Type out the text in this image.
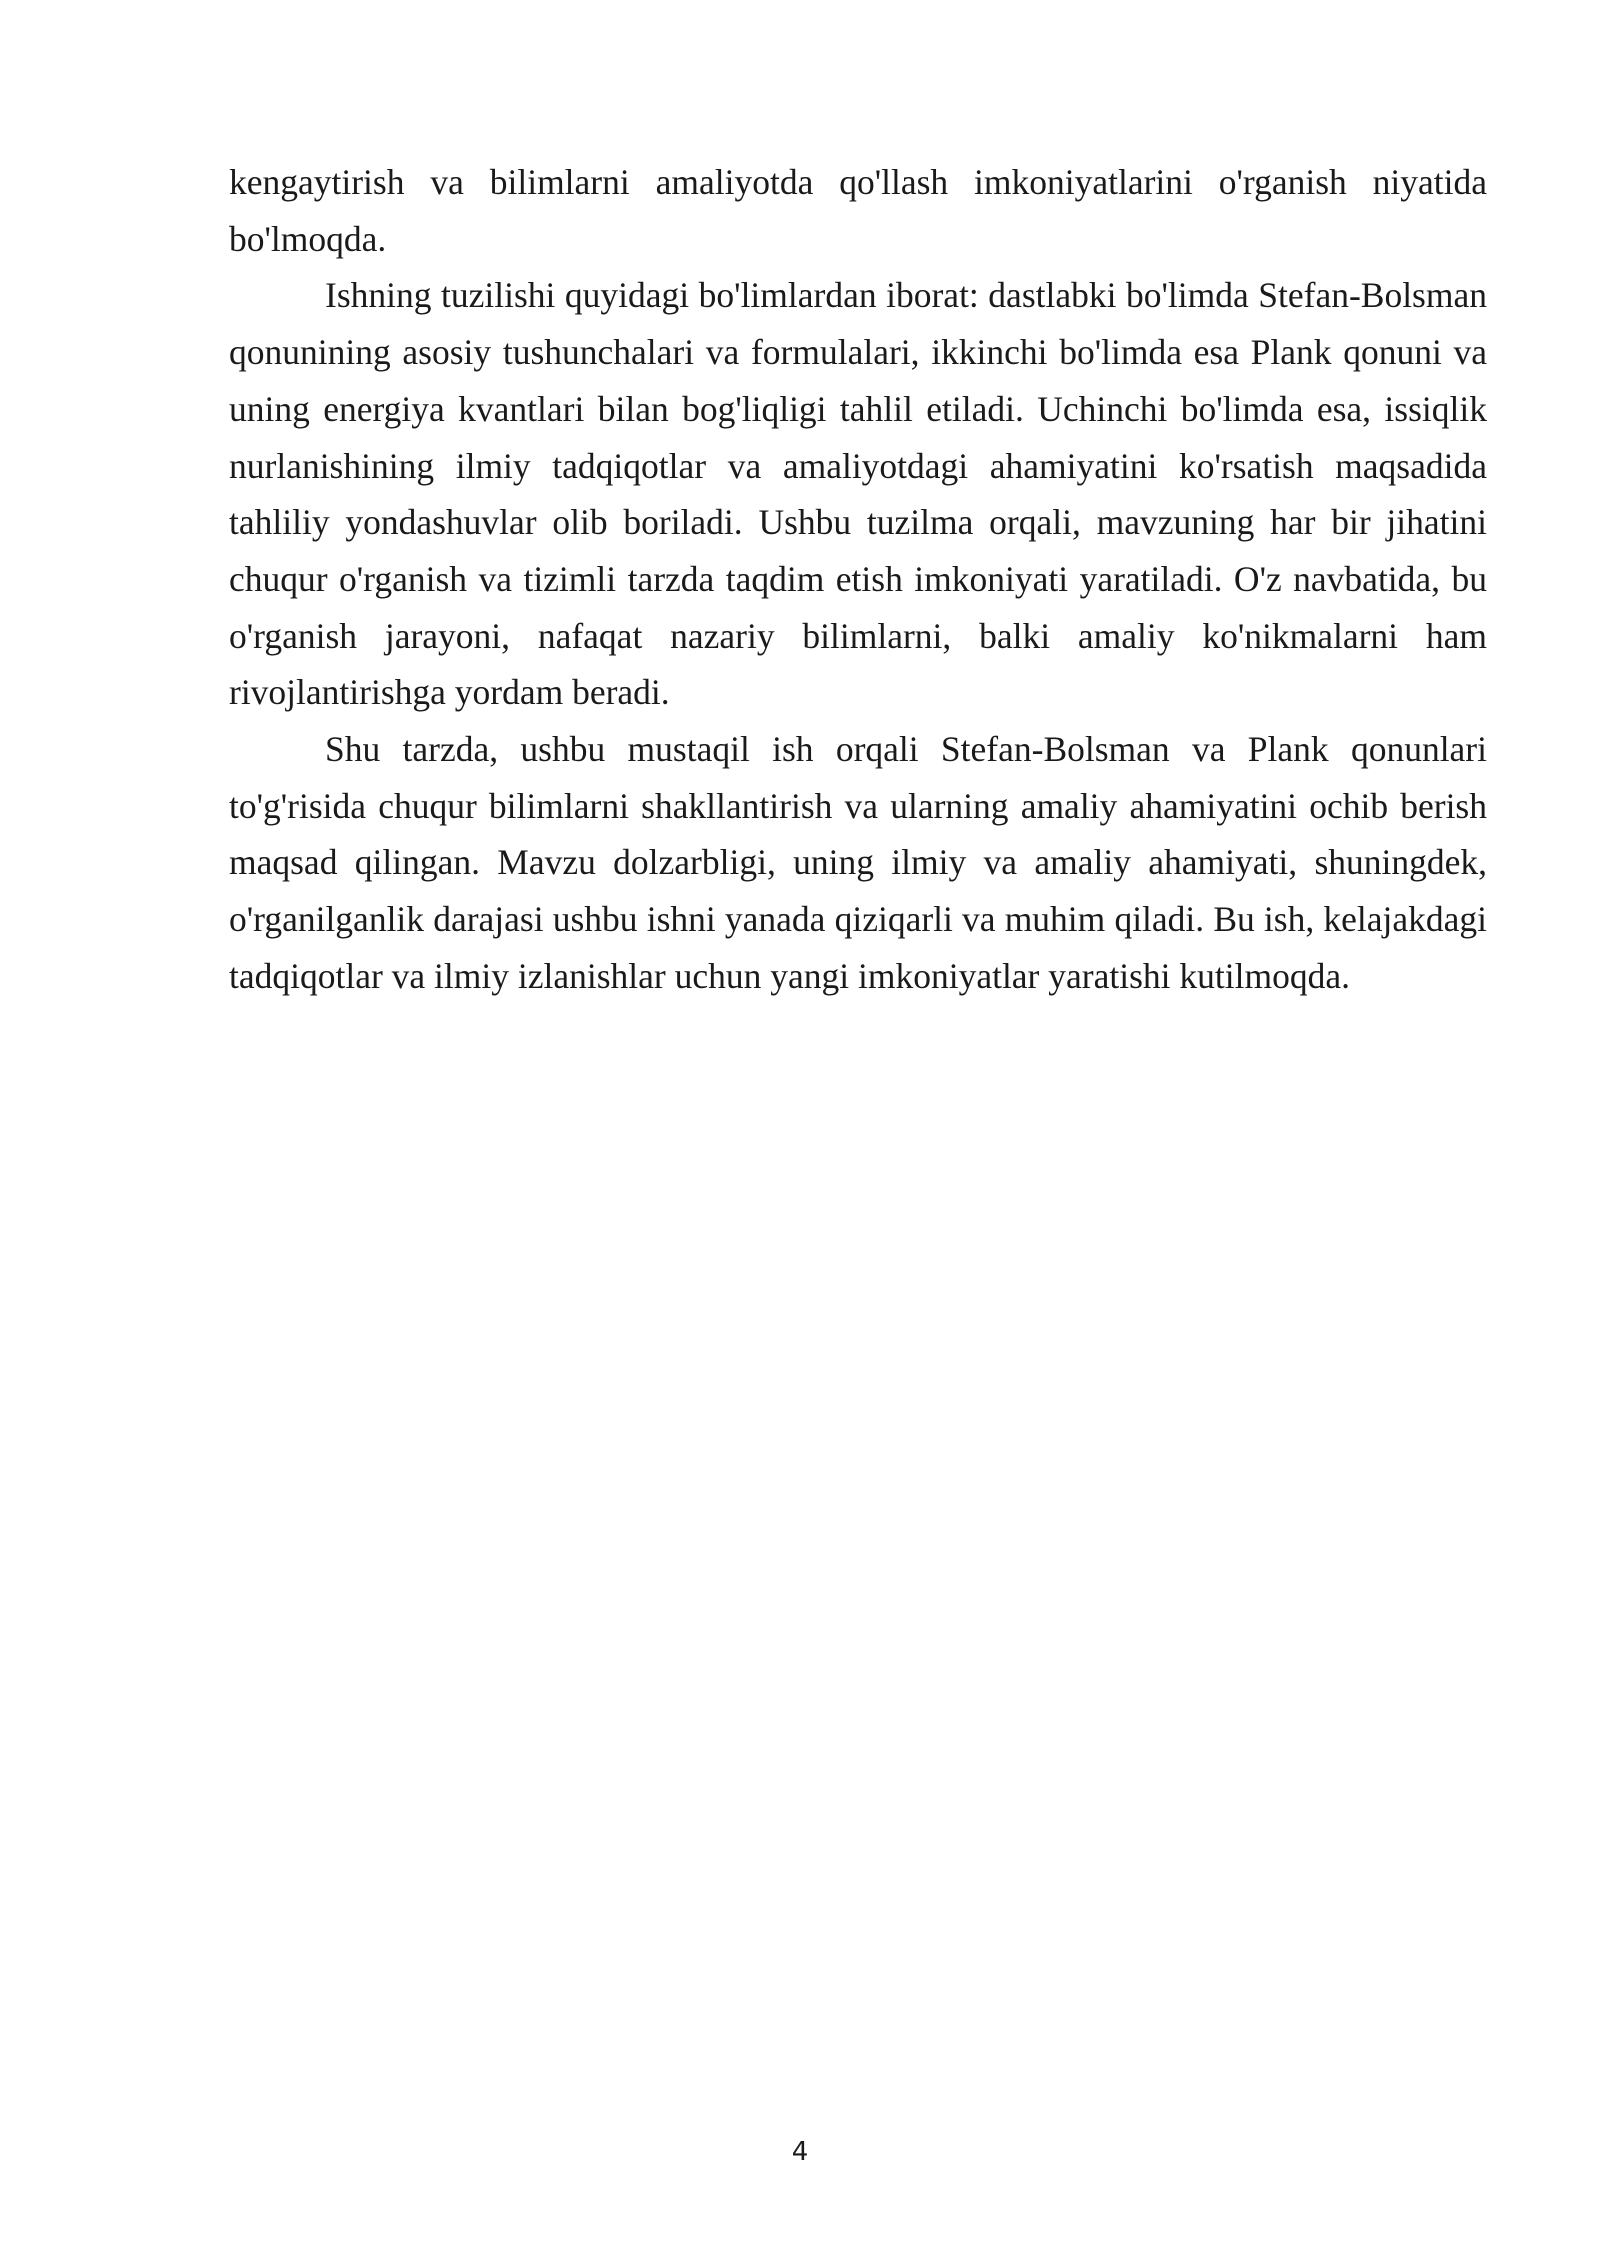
kengaytirish va bilimlarni amaliyotda qo'llash imkoniyatlarini o'rganish niyatida bo'lmoqda.

Ishning tuzilishi quyidagi bo'limlardan iborat: dastlabki bo'limda Stefan-Bolsman qonunining asosiy tushunchalari va formulalari, ikkinchi bo'limda esa Plank qonuni va uning energiya kvantlari bilan bog'liqligi tahlil etiladi. Uchinchi bo'limda esa, issiqlik nurlanishining ilmiy tadqiqotlar va amaliyotdagi ahamiyatini ko'rsatish maqsadida tahliliy yondashuvlar olib boriladi. Ushbu tuzilma orqali, mavzuning har bir jihatini chuqur o'rganish va tizimli tarzda taqdim etish imkoniyati yaratiladi. O'z navbatida, bu o'rganish jarayoni, nafaqat nazariy bilimlarni, balki amaliy ko'nikmalarni ham rivojlantirishga yordam beradi.

Shu tarzda, ushbu mustaqil ish orqali Stefan-Bolsman va Plank qonunlari to'g'risida chuqur bilimlarni shakllantirish va ularning amaliy ahamiyatini ochib berish maqsad qilingan. Mavzu dolzarbligi, uning ilmiy va amaliy ahamiyati, shuningdek, o'rganilganlik darajasi ushbu ishni yanada qiziqarli va muhim qiladi. Bu ish, kelajakdagi tadqiqotlar va ilmiy izlanishlar uchun yangi imkoniyatlar yaratishi kutilmoqda.

4
